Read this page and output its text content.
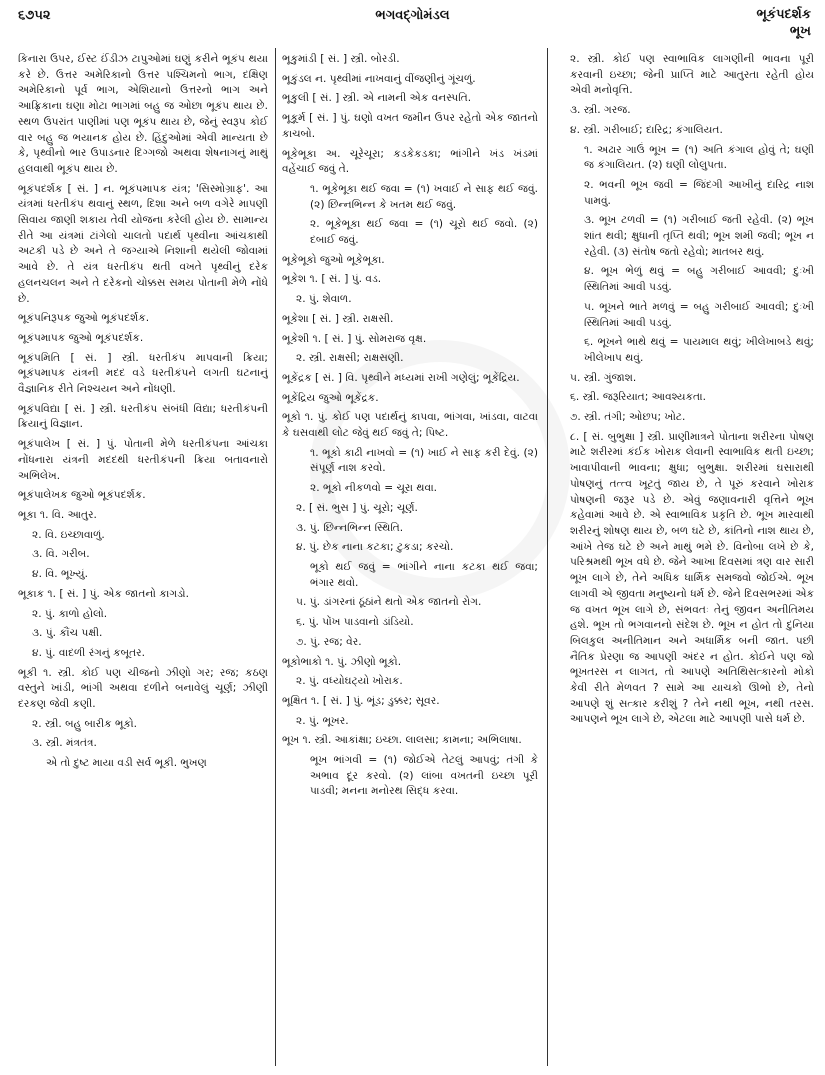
૬૭૫૨	ભગવદ્ગોમંડલ	ભૂકંપદર્શક
ભૂખ
કિનારા ઉપર, ઈસ્ટ ઈંડીઝ ટાપુઓમાં ઘણું કરીને ભૂકંપ થયા કરે છે. ઉત્તર અમેરિકાનો ઉત્તર પશ્ચિમનો ભાગ, દક્ષિણ અમેરિકાનો પૂર્વ ભાગ, એશિયાનો ઉત્તરનો ભાગ અને આફ્રિકાના ઘણા મોટા ભાગમાં બહુ જ ઓછા ભૂકંપ થાય છે. સ્થળ ઉપરાંત પાણીમાં પણ ભૂકંપ થાય છે, જેનું સ્વરૂપ કોઈ વાર બહુ જ ભયાનક હોય છે. હિંદુઓમાં એવી માન્યતા છે કે, પૃથ્વીનો ભાર ઉપાડનાર દિગ્ગજો અથવા શેષનાગનું માથું હલવાથી ભૂકંપ થાય છે.
ભૂકંપદર્શક [ સં. ] ન. ભૂકંપમાપક યંત્ર; 'સિસ્મોગ્રાફ'. આ યંત્રમાં ધરતીકંપ થવાનું સ્થળ, દિશા અને બળ વગેરે માપણી સિવાય જાણી શકાય તેવી યોજના કરેલી હોય છે. સામાન્ય રીતે આ યંત્રમાં ટાંગેલો ચાલતો પદાર્થ પૃથ્વીના આંચકાથી અટકી પડે છે અને તે જગ્યાએ નિશાની થયેલી જોવામાં આવે છે. તે યંત્ર ધરતીકંપ થતી વખતે પૃથ્વીનું દરેક હલનચલન અને તે દરેકનો ચોક્કસ સમય પોતાની મેળે નોંધે છે.
ભૂકંપનિરૂપક જુઓ ભૂકંપદર્શક.
ભૂકંપમાપક જુઓ ભૂકંપદર્શક.
ભૂકંપમિતિ [ સં. ] સ્ત્રી. ધરતીકંપ માપવાની ક્રિયા; ભૂકંપમાપક યંત્રની મદદ વડે ધરતીકંપને લગતી ઘટનાનું વૈજ્ઞાનિક રીતે નિશ્ચયન અને નોંધણી.
ભૂકંપવિદ્યા [ સં. ] સ્ત્રી. ધરતીકંપ સંબંધી વિદ્યા; ધરતીકંપની ક્રિયાનું વિજ્ઞાન.
ભૂકંપાલેખ [ સં. ] પું. પોતાની મેળે ધરતીકંપના આંચકા નોંધનારા યંત્રની મદદથી ધરતીકંપની ક્રિયા બતાવનારો અભિલેખ.
ભૂકંપાલેખક જુઓ ભૂકંપદર્શક.
ભૂકા ૧. વિ. આતુર.
૨. વિ. ઇચ્છાવાળું.
૩. વિ. ગરીબ.
૪. વિ. ભૂખ્યું.
ભૂકાક ૧. [ સં. ] પું. એક જાતનો કાગડો.
૨. પું. કાળો હોલો.
૩. પું. કૌંચ પક્ષી.
૪. પું. વાદળી રંગનું કબૂતર.
ભૂકી ૧. સ્ત્રી. કોઈ પણ ચીજનો ઝીણો ગર; રજ; કઠણ વસ્તુને ખાંડી, ભાંગી અથવા દળીને બનાવેલું ચૂર્ણ; ઝીણી દરકણ જેવી કણી.
૨. સ્ત્રી. બહુ બારીક ભૂકો.
૩. સ્ત્રી. મંત્રતંત્ર.
એ તો દુષ્ટ માયા વડી સર્વ ભૂકી. ભુખણ
ભૂકુમાંડી [ સં. ] સ્ત્રી. બોરડી.
ભૂકુંડલ ન. પૃથ્વીમાં નાખવાનું વીંજણીનું ગૂંચળું.
ભૂકુલી [ સં. ] સ્ત્રી. એ નામની એક વનસ્પતિ.
ભૂકૂર્મ [ સં. ] પું. ઘણો વખત જમીન ઉપર રહેતો એક જાતનો કાચબો.
ભૂકેભૂકા અ. ચૂરેચૂરા; કડકેકડકા; ભાંગીને ખંડ ખંડમાં વહેંચાઈ જવું તે.
૧. ભૂકેભૂકા થઈ જવા = (૧) ખવાઈ ને સાફ થઈ જવું. (૨) છિન્નભિન્ન કે ખતમ થઈ જવું.
૨. ભૂકેભૂકા થઈ જવા = (૧) ચૂરો થઈ જવો. (૨) દબાઈ જવું.
ભૂકેભૂકો જુઓ ભૂકેભૂકા.
ભૂકેશ ૧. [ સં. ] પું. વડ.
૨. પું. શેવાળ.
ભૂકેશા [ સં. ] સ્ત્રી. રાક્ષસી.
ભૂકેશી ૧. [ સં. ] પું. સોમરાજ વૃક્ષ.
૨. સ્ત્રી. રાક્ષસી; રાક્ષસણી.
ભૂકેંદ્રક [ સં. ] વિ. પૃથ્વીને મધ્યમાં રાખી ગણેલું; ભૂકેંદ્રિય.
ભૂકેંદ્રિય જુઓ ભૂકેંદ્રક.
ભૂકો ૧. પું. કોઈ પણ પદાર્થનું કાપવા, ભાંગવા, ખાંડવા, વાટવા કે ઘસવાથી લોટ જેવું થઈ જવું તે; પિષ્ટ.
૧. ભૂકો કાઢી નાખવો = (૧) ખાઈ ને સાફ કરી દેવું. (૨) સંપૂર્ણ નાશ કરવો.
૨. ભૂકો નીકળવો = ચૂરા થવા.
૨. [ સં. ભુસ ] પું. ચૂરો; ચૂર્ણ.
૩. પું. છિન્નભિન્ન સ્થિતિ.
૪. પું. છેક નાના કટકા; ટુકડા; કરચો.
ભૂકો થઈ જવું = ભાંગીને નાના કટકા થઈ જવા; ભંગાર થવો.
૫. પું. ડાંગરનાં ઠૂંઠાંને થતો એક જાતનો રોગ.
૬. પું. પોંખ પાડવાનો ડાંડિયો.
૭. પું. રજ; વેર.
ભૂકોભાકો ૧. પું. ઝીણો ભૂકો.
૨. પું. વધ્યોઘટ્યો ખોરાક.
ભૂક્ષિત ૧. [ સં. ] પું. ભૂંડ; ડુક્કર; સૂવર.
૨. પું. ભૂખર.
ભૂખ ૧. સ્ત્રી. આકાંક્ષા; ઇચ્છા. લાલસા; કામના; અભિલાષા.
ભૂખ ભાંગવી = (૧) જોઈએ તેટલું આપવું; તંગી કે અભાવ દૂર કરવો. (૨) લાંબા વખતની ઇચ્છા પૂરી પાડવી; મનના મનોરથ સિદ્ધ કરવા.
૨. સ્ત્રી. કોઈ પણ સ્વાભાવિક લાગણીની ભાવના પૂરી કરવાની ઇચ્છા; જેની પ્રાપ્તિ માટે આતુરતા રહેતી હોય એવી મનોવૃત્તિ.
૩. સ્ત્રી. ગરજ.
૪. સ્ત્રી. ગરીબાઈ; દારિદ્ર; કંગાલિયત.
૧. અઢાર ગાઉં ભૂખ = (૧) અતિ કંગાલ હોવું તે; ઘણી જ કંગાલિયત. (૨) ઘણી લોલુપતા.
૨. ભવની ભૂખ જવી = જિંદગી આખીનું દારિદ્ર નાશ પામવું.
૩. ભૂખ ટળવી = (૧) ગરીબાઈ જતી રહેવી. (૨) ભૂખ શાંત થવી; ક્ષુધાની તૃપ્તિ થવી; ભૂખ શમી જવી; ભૂખ ન રહેવી. (૩) સંતોષ જતો રહેવો; માતબર થવું.
૪. ભૂખ ભેળું થવું = બહુ ગરીબાઈ આવવી; દુઃખી સ્થિતિમાં આવી પડવું.
૫. ભૂખને ભાતે મળવું = બહુ ગરીબાઈ આવવી; દુઃખી સ્થિતિમાં આવી પડવું.
૬. ભૂખને ભાથે થવું = પાયમાલ થવું; ખીલેખાબડે થવું; ખીલેખાપ થવું.
૫. સ્ત્રી. ગુંજાશ.
૬. સ્ત્રી. જરૂરિયાત; આવશ્યકતા.
૭. સ્ત્રી. તંગી; ઓછપ; ખોટ.
૮. [ સં. બુભુક્ષા ] સ્ત્રી. પ્રાણીમાત્રને પોતાના શરીરના પોષણ માટે શરીરમાં કંઈક ખોરાક લેવાની સ્વાભાવિક થતી ઇચ્છા; ખાવાપીવાની ભાવના; ક્ષુધા; બુભુક્ષા. શરીરમાં ઘસારાથી પોષણનું તત્ત્વ ખૂટતું જાય છે, તે પૂરું કરવાને ખોરાક પોષણની જરૂર પડે છે. એવું જણાવનારી વૃત્તિને ભૂખ કહેવામાં આવે છે. એ સ્વાભાવિક પ્રકૃતિ છે. ભૂખ મારવાથી શરીરનું શોષણ થાય છે, બળ ઘટે છે, કાંતિનો નાશ થાય છે, આંખે તેજ ઘટે છે અને માથું ભમે છે. વિનોબા લખે છે કે, પરિશ્રમથી ભૂખ વધે છે. જેને આખા દિવસમાં ત્રણ વાર સારી ભૂખ લાગે છે, તેને અધિક ધાર્મિક સમજવો જોઈએ. ભૂખ લાગવી એ જીવતા મનુષ્યનો ધર્મ છે. જેને દિવસભરમાં એક જ વખત ભૂખ લાગે છે, સંભવતઃ તેનું જીવન અનીતિમય હશે. ભૂખ તો ભગવાનનો સંદેશ છે. ભૂખ ન હોત તો દુનિયા બિલકુલ અનીતિમાન અને અધાર્મિક બની જાત. પછી નૈતિક પ્રેરણા જ આપણી અંદર ન હોત. કોઈને પણ જો ભૂખતરસ ન લાગત, તો આપણે અતિથિસત્કારનો મોકો કેવી રીતે મેળવત ? સામે આ યાચકો ઊભો છે, તેનો આપણે શું સત્કાર કરીશું ? તેને નથી ભૂખ, નથી તરસ. આપણને ભૂખ લાગે છે, એટલા માટે આપણી પાસે ધર્મ છે.
